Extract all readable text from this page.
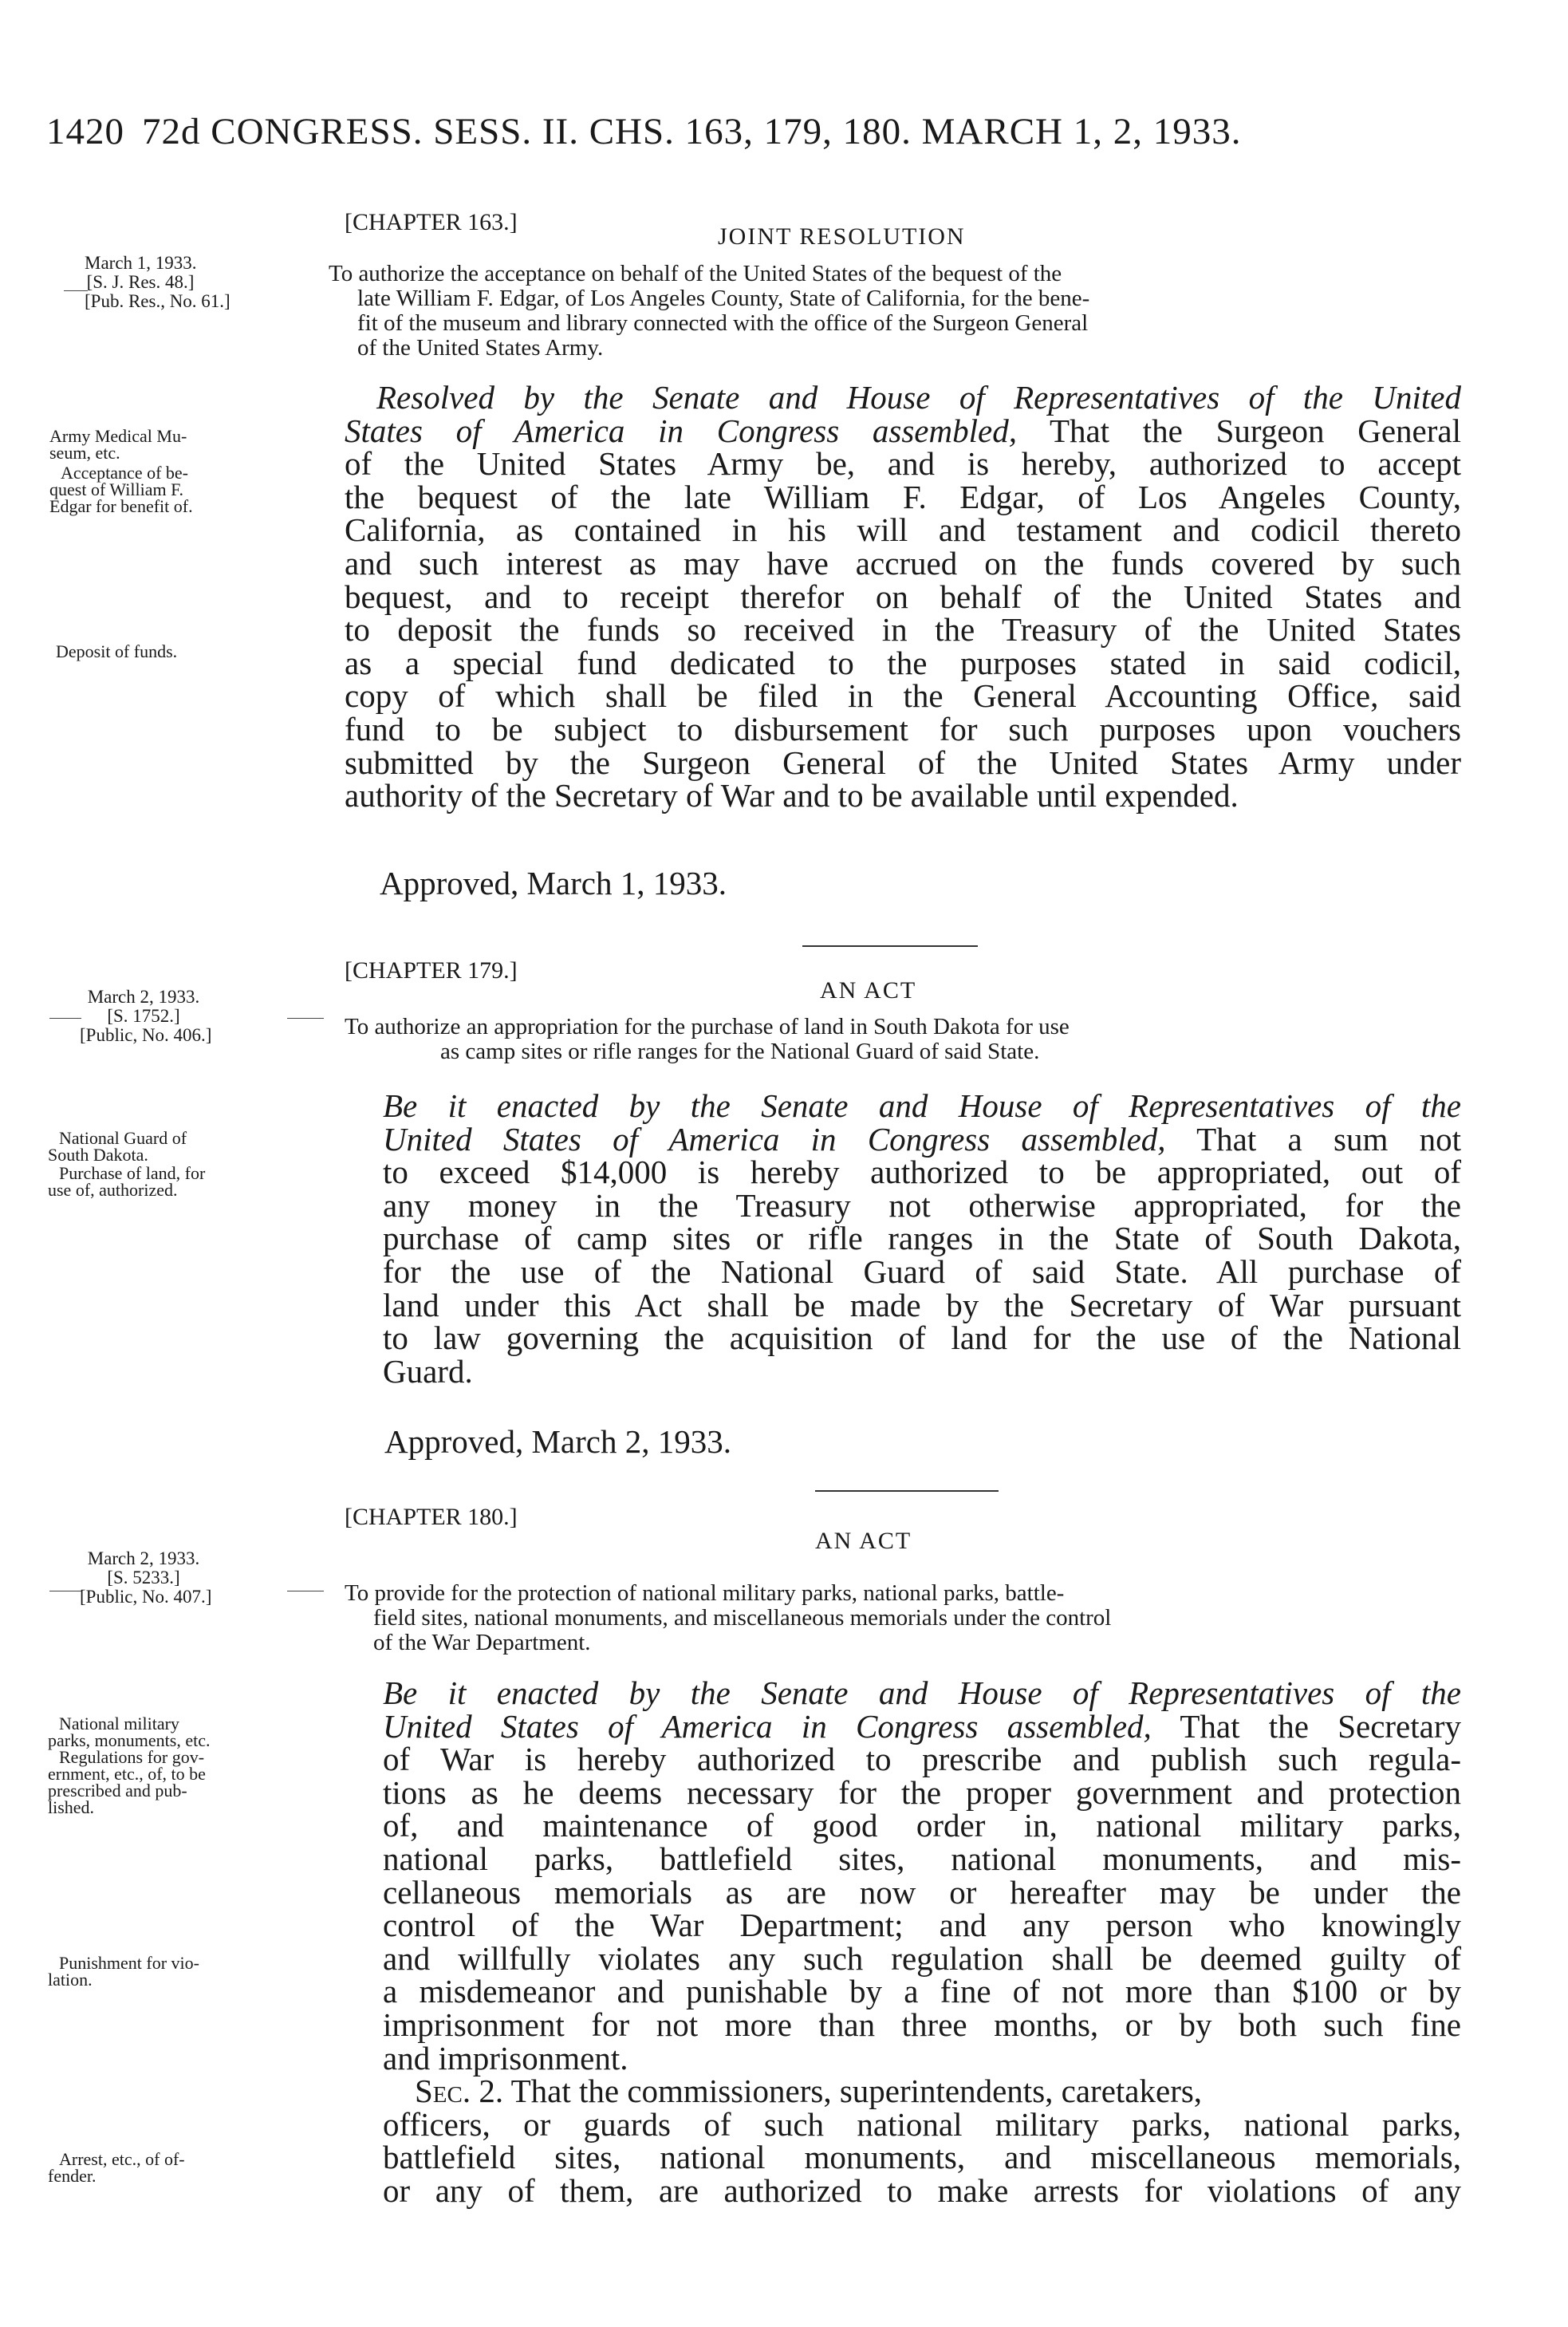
1420 72d CONGRESS. SESS. II. CHS. 163, 179, 180. MARCH 1, 2, 1933.
[CHAPTER 163.]
JOINT RESOLUTION
March 1, 1933.
[S. J. Res. 48.]
[Pub. Res., No. 61.]
To authorize the acceptance on behalf of the United States of the bequest of the
late William F. Edgar, of Los Angeles County, State of California, for the bene-
fit of the museum and library connected with the office of the Surgeon General
of the United States Army.
Resolved by the Senate and House of Representatives of the United
States of America in Congress assembled, That the Surgeon General
of the United States Army be, and is hereby, authorized to accept
the bequest of the late William F. Edgar, of Los Angeles County,
California, as contained in his will and testament and codicil thereto
and such interest as may have accrued on the funds covered by such
bequest, and to receipt therefor on behalf of the United States and
to deposit the funds so received in the Treasury of the United States
as a special fund dedicated to the purposes stated in said codicil,
copy of which shall be filed in the General Accounting Office, said
fund to be subject to disbursement for such purposes upon vouchers
submitted by the Surgeon General of the United States Army under
authority of the Secretary of War and to be available until expended.
Approved, March 1, 1933.
Army Medical Mu-
seum, etc.
Acceptance of be-
quest of William F.
Edgar for benefit of.
Deposit of funds.
[CHAPTER 179.]
AN ACT
March 2, 1933.
[S. 1752.]
[Public, No. 406.]	To authorize an appropriation for the purchase of land in South Dakota for use
as camp sites or rifle ranges for the National Guard of said State.
Be it enacted by the Senate and House of Representatives of the
United States of America in Congress assembled, That a sum not
to exceed $14,000 is hereby authorized to be appropriated, out of
any money in the Treasury not otherwise appropriated, for the
purchase of camp sites or rifle ranges in the State of South Dakota,
for the use of the National Guard of said State. All purchase of
land under this Act shall be made by the Secretary of War pursuant
to law governing the acquisition of land for the use of the National
Guard.
Approved, March 2, 1933.
National Guard of
South Dakota.
Purchase of land, for
use of, authorized.
[CHAPTER 180.]
AN ACT
March 2, 1933.
[S. 5233.]
[Public, No. 407.]	To provide for the protection of national military parks, national parks, battle-
field sites, national monuments, and miscellaneous memorials under the control
of the War Department.
Be it enacted by the Senate and House of Representatives of the
United States of America in Congress assembled, That the Secretary
of War is hereby authorized to prescribe and publish such regula-
tions as he deems necessary for the proper government and protection
of, and maintenance of good order in, national military parks,
national parks, battlefield sites, national monuments, and mis-
cellaneous memorials as are now or hereafter may be under the
control of the War Department; and any person who knowingly
and willfully violates any such regulation shall be deemed guilty of
a misdemeanor and punishable by a fine of not more than $100 or by
imprisonment for not more than three months, or by both such fine
and imprisonment.
Sec. 2. That the commissioners, superintendents, caretakers,
officers, or guards of such national military parks, national parks,
battlefield sites, national monuments, and miscellaneous memorials,
or any of them, are authorized to make arrests for violations of any
National military
parks, monuments, etc.
Regulations for gov-
ernment, etc., of, to be
prescribed and pub-
lished.
Punishment for vio-
lation.
Arrest, etc., of of-
fender.
